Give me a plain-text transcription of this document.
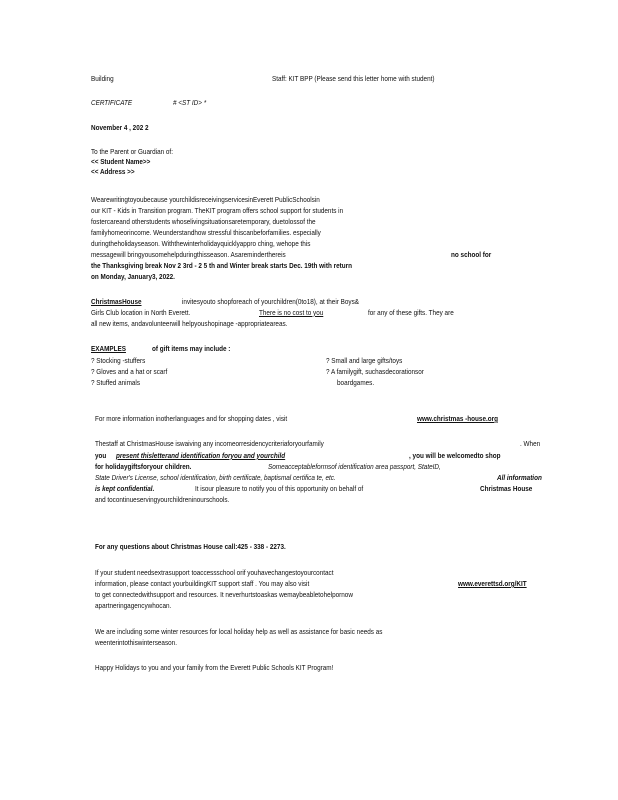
Building	Staff: KIT BPP (Please send this letter home with student)
CERTIFICATE	# <ST ID> *
November 4 , 202 2
To the Parent or Guardian of:
<< Student Name>>
<< Address >>
Wearewritingtoyoubecause yourchildisreceivingservicesinEverett PublicSchoolsin
our KIT - Kids in Transition program. TheKIT program offers school support for students in
fostercareand otherstudents whoselivingsituationsaretemporary, duetolossof the
familyhomeorincome. Weunderstandhow stressful thiscanbeforfamilies. especially
duringtheholidayseason. Withthewinterholidayquicklyappro ching, wehope this
messagewill bringyousomehelpduringthisseason. Asareminderthereis	no school for
the Thanksgiving break Nov 2 3rd - 2 5 th and Winter break starts Dec. 19th with return
on Monday, January3, 2022.
ChristmasHouse	invitesyouto shopforeach of yourchildren(0to18), at their Boys&
Girls Club location in North Everett.	There is no cost to you	for any of these gifts. They are
all new items, andavolunteerwill helpyoushopinage -appropriateareas.
EXAMPLES	of gift items may include :
? Stocking -stuffers
? Gloves and a hat or scarf
? Stuffed animals
? Small and large gifts/toys
? A familygift, suchasdecorationsor
boardgames.
For more information inotherlanguages and for shopping dates , visit	www.christmas -house.org
Thestaff at ChristmasHouse iswaiving any incomeorresidencycriteriaforyourfamily	. When
you present thisletterand identification foryou and yourchild	, you will be welcomedto shop
for holidaygiftsforyour children.	Someacceptableformsof identification area passport, StateID,
State Driver's License, school identification, birth certificate, baptismal certifica te, etc.	All information
is kept confidential.	It isour pleasure to notify you of this opportunity on behalf of	Christmas House
and tocontinueservingyourchildreninourschools.
For any questions about Christmas House call:425 - 338 - 2273.
If your student needsextrasupport toaccessschool orif youhavechangestoyourcontact
information, please contact yourbuildingKIT support staff . You may also visit	www.everettsd.org/KIT
to get connectedwithsupport and resources. It neverhurtstoaskas wemaybeabletohelpornow
apartneringagencywhocan.
We are including some winter resources for local holiday help as well as assistance for basic needs as
weenterintothiswinterseason.
Happy Holidays to you and your family from the Everett Public Schools KIT Program!
